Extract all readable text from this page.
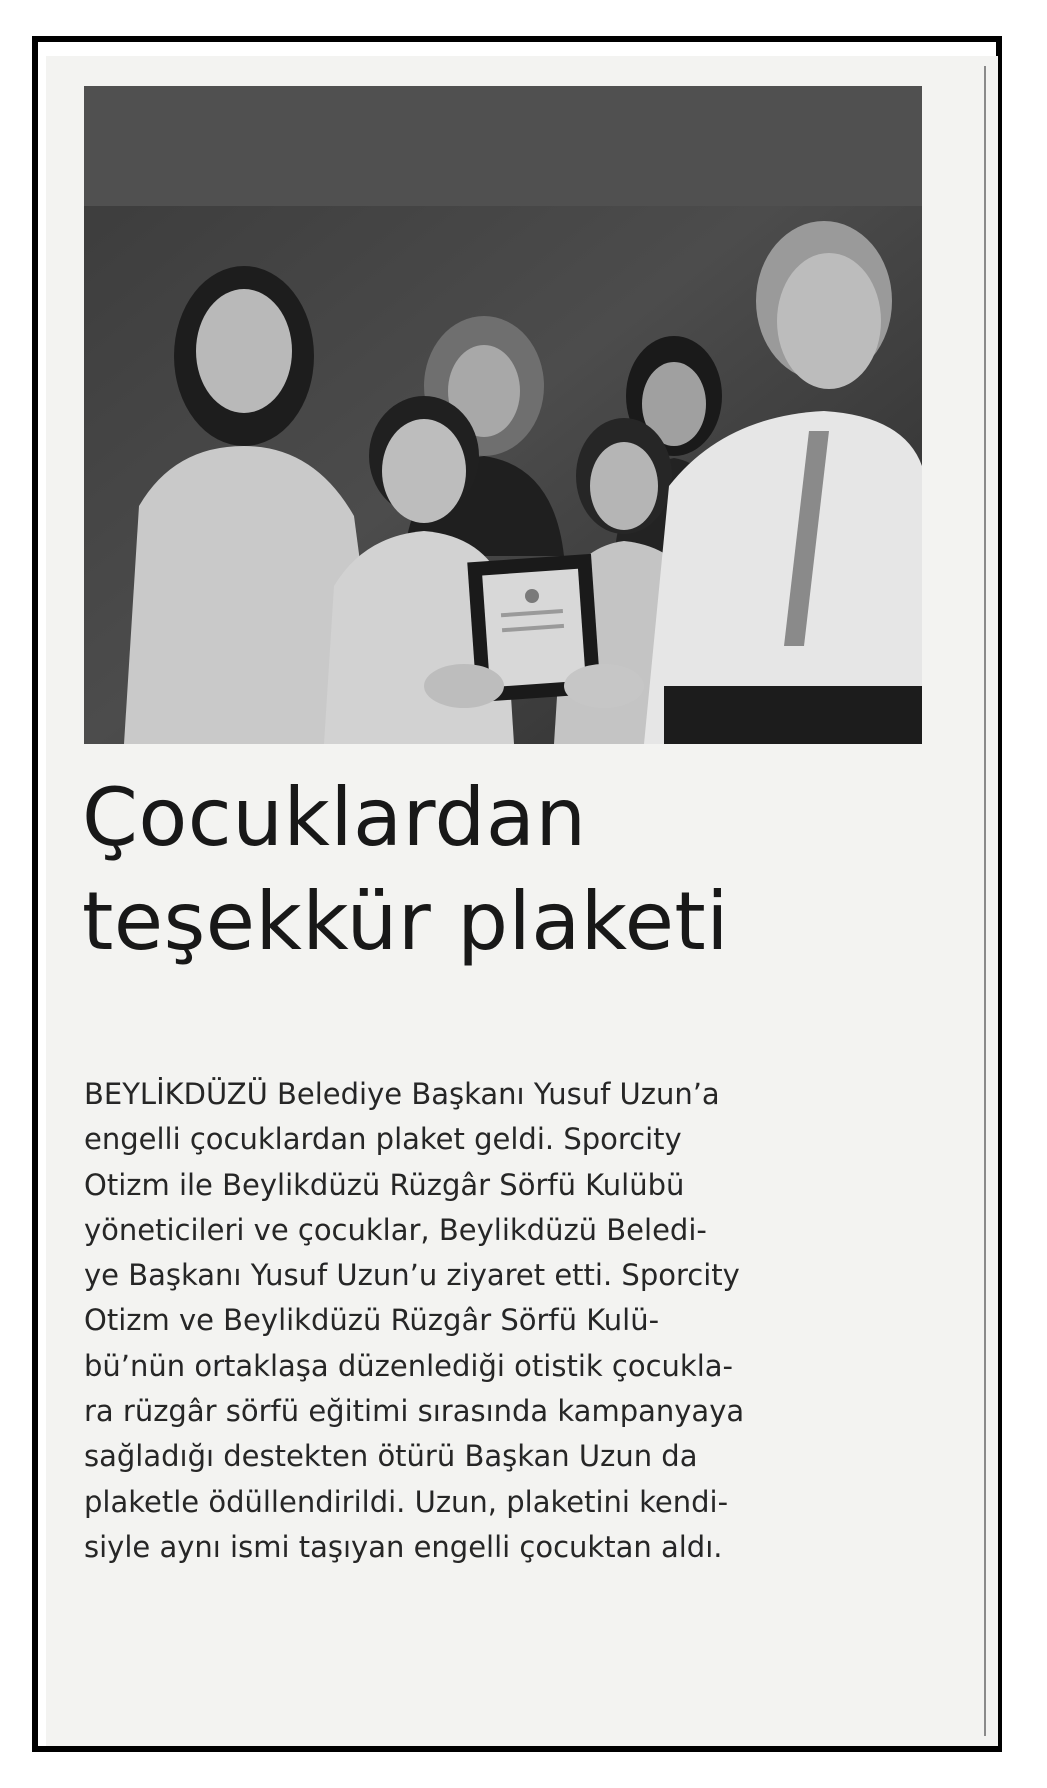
Çocuklardan
teşekkür plaketi
BEYLİKDÜZÜ Belediye Başkanı Yusuf Uzun’a
engelli çocuklardan plaket geldi. Sporcity
Otizm ile Beylikdüzü Rüzgâr Sörfü Kulübü
yöneticileri ve çocuklar, Beylikdüzü Beledi-
ye Başkanı Yusuf Uzun’u ziyaret etti. Sporcity
Otizm ve Beylikdüzü Rüzgâr Sörfü Kulü-
bü’nün ortaklaşa düzenlediği otistik çocukla-
ra rüzgâr sörfü eğitimi sırasında kampanyaya
sağladığı destekten ötürü Başkan Uzun da
plaketle ödüllendirildi. Uzun, plaketini kendi-
siyle aynı ismi taşıyan engelli çocuktan aldı.
